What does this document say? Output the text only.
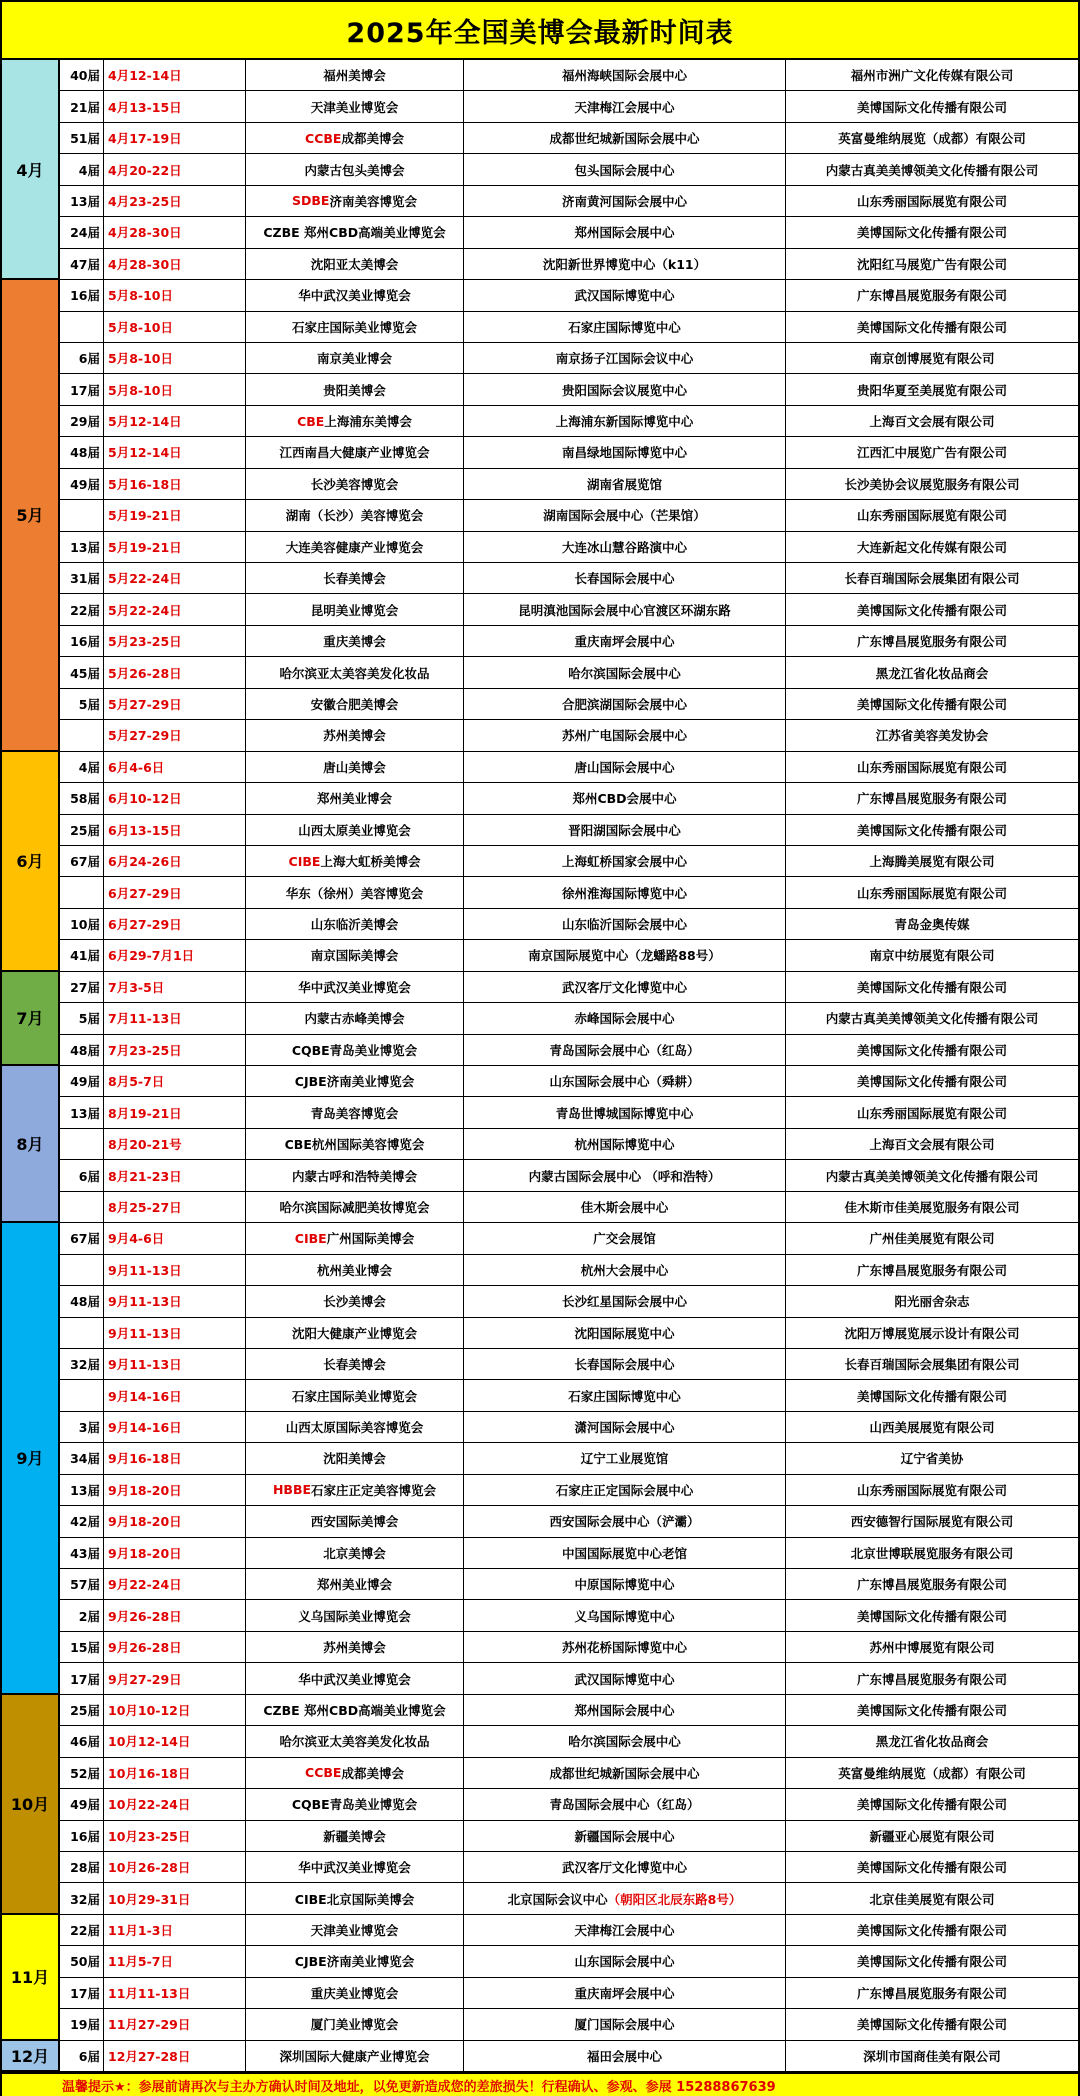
2025年全国美博会最新时间表
4月
40届 4月12-14日	福州美博会	福州海峡国际会展中心	福州市洲广文化传媒有限公司
21届 4月13-15日	天津美业博览会	天津梅江会展中心	美博国际文化传播有限公司
51届 4月17-19日	CCBE 成都美博会	成都世纪城新国际会展中心	英富曼维纳展览（成都）有限公司
4届 4月20-22日	内蒙古包头美博会	包头国际会展中心	内蒙古真美美博领美文化传播有限公司
13届 4月23-25日	SDBE 济南美容博览会	济南黄河国际会展中心	山东秀丽国际展览有限公司
24届 4月28-30日	CZBE 郑州CBD高端美业博览会	郑州国际会展中心	美博国际文化传播有限公司
47届 4月28-30日	沈阳亚太美博会	沈阳新世界博览中心（k11）	沈阳红马展览广告有限公司
5月
16届 5月8-10日	华中武汉美业博览会	武汉国际博览中心	广东博昌展览服务有限公司
5月8-10日	石家庄国际美业博览会	石家庄国际博览中心	美博国际文化传播有限公司
6届 5月8-10日	南京美业博会	南京扬子江国际会议中心	南京创博展览有限公司
17届 5月8-10日	贵阳美博会	贵阳国际会议展览中心	贵阳华夏至美展览有限公司
29届 5月12-14日	CBE 上海浦东美博会	上海浦东新国际博览中心	上海百文会展有限公司
48届 5月12-14日	江西南昌大健康产业博览会	南昌绿地国际博览中心	江西汇中展览广告有限公司
49届 5月16-18日	长沙美容博览会	湖南省展览馆	长沙美协会议展览服务有限公司
5月19-21日	湖南（长沙）美容博览会	湖南国际会展中心（芒果馆）	山东秀丽国际展览有限公司
13届 5月19-21日	大连美容健康产业博览会	大连冰山慧谷路演中心	大连新起文化传媒有限公司
31届 5月22-24日	长春美博会	长春国际会展中心	长春百瑞国际会展集团有限公司
22届 5月22-24日	昆明美业博览会	昆明滇池国际会展中心官渡区环湖东路	美博国际文化传播有限公司
16届 5月23-25日	重庆美博会	重庆南坪会展中心	广东博昌展览服务有限公司
45届 5月26-28日	哈尔滨亚太美容美发化妆品	哈尔滨国际会展中心	黑龙江省化妆品商会
5届 5月27-29日	安徽合肥美博会	合肥滨湖国际会展中心	美博国际文化传播有限公司
5月27-29日	苏州美博会	苏州广电国际会展中心	江苏省美容美发协会
6月
4届 6月4-6日	唐山美博会	唐山国际会展中心	山东秀丽国际展览有限公司
58届 6月10-12日	郑州美业博会	郑州CBD会展中心	广东博昌展览服务有限公司
25届 6月13-15日	山西太原美业博览会	晋阳湖国际会展中心	美博国际文化传播有限公司
67届 6月24-26日	CIBE 上海大虹桥美博会	上海虹桥国家会展中心	上海腾美展览有限公司
6月27-29日	华东（徐州）美容博览会	徐州淮海国际博览中心	山东秀丽国际展览有限公司
10届 6月27-29日	山东临沂美博会	山东临沂国际会展中心	青岛金奥传媒
41届 6月29-7月1日	南京国际美博会	南京国际展览中心（龙蟠路88号）	南京中纺展览有限公司
7月
27届 7月3-5日	华中武汉美业博览会	武汉客厅文化博览中心	美博国际文化传播有限公司
5届 7月11-13日	内蒙古赤峰美博会	赤峰国际会展中心	内蒙古真美美博领美文化传播有限公司
48届 7月23-25日	CQBE青岛美业博览会	青岛国际会展中心（红岛）	美博国际文化传播有限公司
8月
49届 8月5-7日	CJBE济南美业博览会	山东国际会展中心（舜耕）	美博国际文化传播有限公司
13届 8月19-21日	青岛美容博览会	青岛世博城国际博览中心	山东秀丽国际展览有限公司
8月20-21号	CBE杭州国际美容博览会	杭州国际博览中心	上海百文会展有限公司
6届 8月21-23日	内蒙古呼和浩特美博会	内蒙古国际会展中心 （呼和浩特）	内蒙古真美美博领美文化传播有限公司
8月25-27日	哈尔滨国际减肥美妆博览会	佳木斯会展中心	佳木斯市佳美展览服务有限公司
9月
67届 9月4-6日	CIBE 广州国际美博会	广交会展馆	广州佳美展览有限公司
9月11-13日	杭州美业博会	杭州大会展中心	广东博昌展览服务有限公司
48届 9月11-13日	长沙美博会	长沙红星国际会展中心	阳光丽舍杂志
9月11-13日	沈阳大健康产业博览会	沈阳国际展览中心	沈阳万博展览展示设计有限公司
32届 9月11-13日	长春美博会	长春国际会展中心	长春百瑞国际会展集团有限公司
9月14-16日	石家庄国际美业博览会	石家庄国际博览中心	美博国际文化传播有限公司
3届 9月14-16日	山西太原国际美容博览会	潇河国际会展中心	山西美展展览有限公司
34届 9月16-18日	沈阳美博会	辽宁工业展览馆	辽宁省美协
13届 9月18-20日	HBBE 石家庄正定美容博览会	石家庄正定国际会展中心	山东秀丽国际展览有限公司
42届 9月18-20日	西安国际美博会	西安国际会展中心（浐灞）	西安德智行国际展览有限公司
43届 9月18-20日	北京美博会	中国国际展览中心老馆	北京世博联展览服务有限公司
57届 9月22-24日	郑州美业博会	中原国际博览中心	广东博昌展览服务有限公司
2届 9月26-28日	义乌国际美业博览会	义乌国际博览中心	美博国际文化传播有限公司
15届 9月26-28日	苏州美博会	苏州花桥国际博览中心	苏州中博展览有限公司
17届 9月27-29日	华中武汉美业博览会	武汉国际博览中心	广东博昌展览服务有限公司
10月
25届 10月10-12日	CZBE 郑州CBD高端美业博览会	郑州国际会展中心	美博国际文化传播有限公司
46届 10月12-14日	哈尔滨亚太美容美发化妆品	哈尔滨国际会展中心	黑龙江省化妆品商会
52届 10月16-18日	CCBE 成都美博会	成都世纪城新国际会展中心	英富曼维纳展览（成都）有限公司
49届 10月22-24日	CQBE青岛美业博览会	青岛国际会展中心（红岛）	美博国际文化传播有限公司
16届 10月23-25日	新疆美博会	新疆国际会展中心	新疆亚心展览有限公司
28届 10月26-28日	华中武汉美业博览会	武汉客厅文化博览中心	美博国际文化传播有限公司
32届 10月29-31日	CIBE北京国际美博会	北京国际会议中心 （朝阳区北辰东路8号）	北京佳美展览有限公司
11月
22届 11月1-3日	天津美业博览会	天津梅江会展中心	美博国际文化传播有限公司
50届 11月5-7日	CJBE济南美业博览会	山东国际会展中心	美博国际文化传播有限公司
17届 11月11-13日	重庆美业博览会	重庆南坪会展中心	广东博昌展览服务有限公司
19届 11月27-29日	厦门美业博览会	厦门国际会展中心	美博国际文化传播有限公司
12月	6届 12月27-28日	深圳国际大健康产业博览会	福田会展中心	深圳市国商佳美有限公司
温馨提示★：参展前请再次与主办方确认时间及地址，以免更新造成您的差旅损失！行程确认、参观、参展 15288867639
